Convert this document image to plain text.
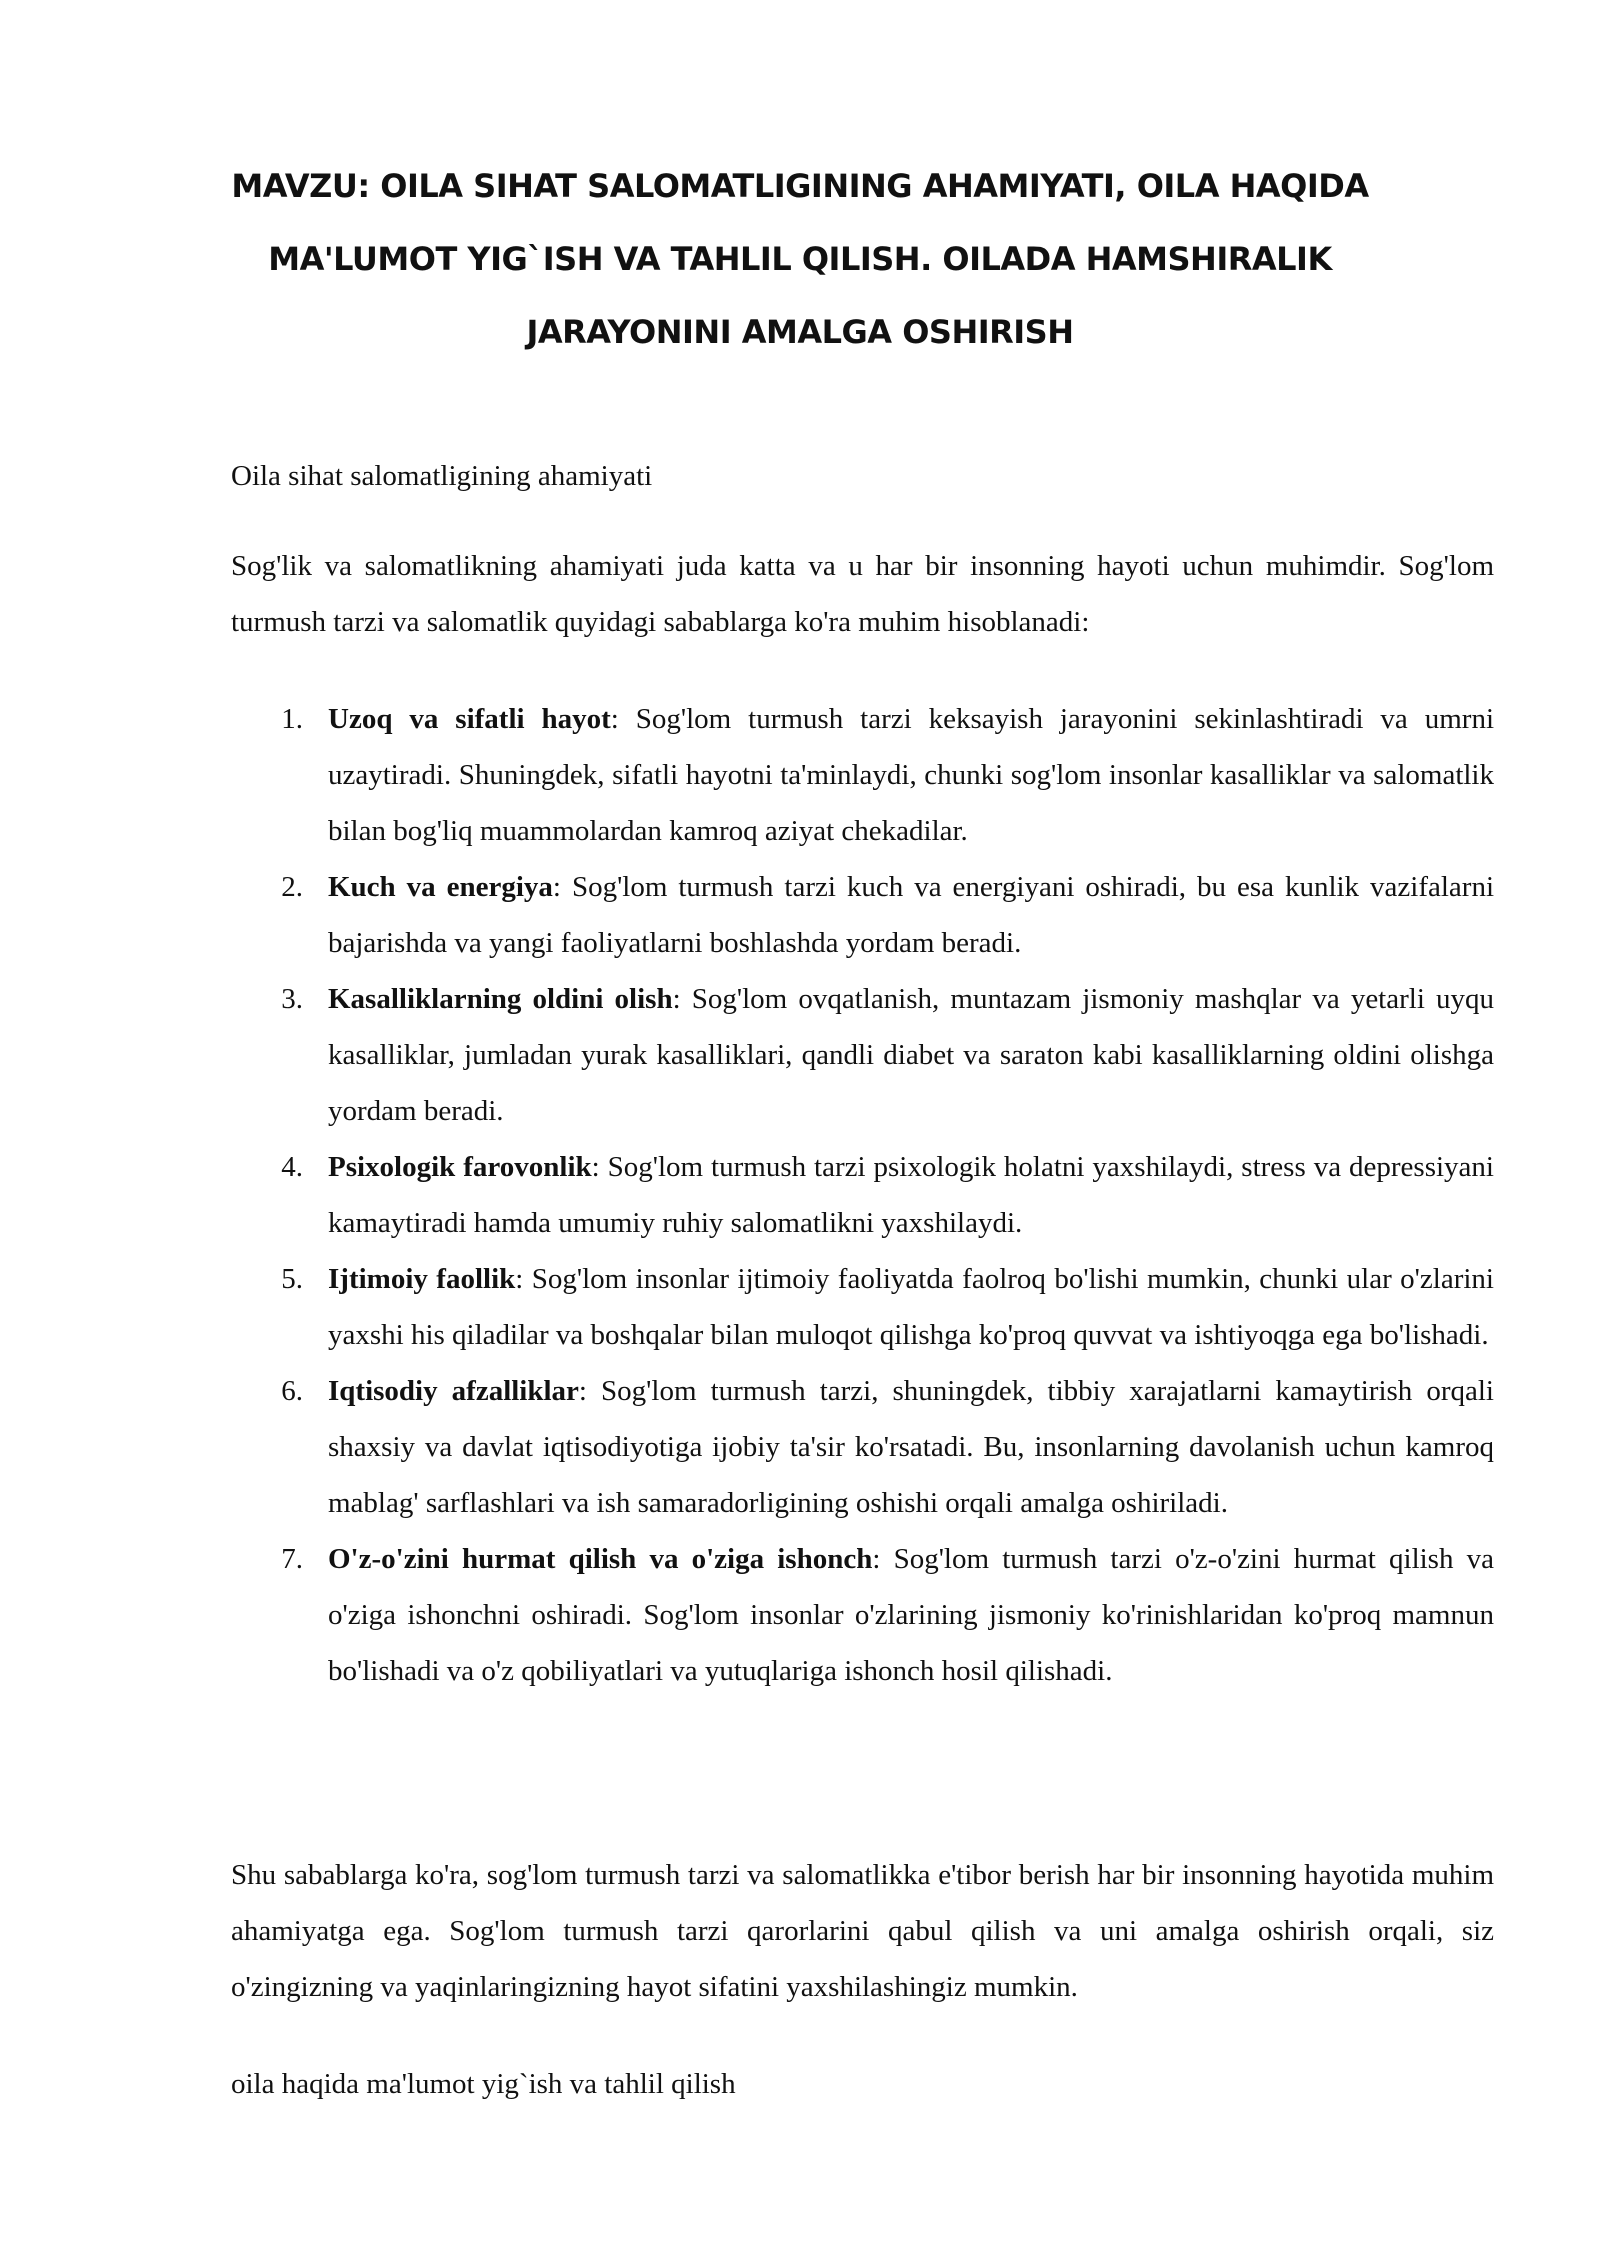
MAVZU: OILA SIHAT SALOMATLIGINING AHAMIYATI, OILA HAQIDA MA'LUMOT YIG`ISH VA TAHLIL QILISH. OILADA HAMSHIRALIK JARAYONINI AMALGA OSHIRISH

Oila sihat salomatligining ahamiyati

Sog'lik va salomatlikning ahamiyati juda katta va u har bir insonning hayoti uchun muhimdir. Sog'lom turmush tarzi va salomatlik quyidagi sabablarga ko'ra muhim hisoblanadi:

1. Uzoq va sifatli hayot: Sog'lom turmush tarzi keksayish jarayonini sekinlashtiradi va umrni uzaytiradi. Shuningdek, sifatli hayotni ta'minlaydi, chunki sog'lom insonlar kasalliklar va salomatlik bilan bog'liq muammolardan kamroq aziyat chekadilar.
2. Kuch va energiya: Sog'lom turmush tarzi kuch va energiyani oshiradi, bu esa kunlik vazifalarni bajarishda va yangi faoliyatlarni boshlashda yordam beradi.
3. Kasalliklarning oldini olish: Sog'lom ovqatlanish, muntazam jismoniy mashqlar va yetarli uyqu kasalliklar, jumladan yurak kasalliklari, qandli diabet va saraton kabi kasalliklarning oldini olishga yordam beradi.
4. Psixologik farovonlik: Sog'lom turmush tarzi psixologik holatni yaxshilaydi, stress va depressiyani kamaytiradi hamda umumiy ruhiy salomatlikni yaxshilaydi.
5. Ijtimoiy faollik: Sog'lom insonlar ijtimoiy faoliyatda faolroq bo'lishi mumkin, chunki ular o'zlarini yaxshi his qiladilar va boshqalar bilan muloqot qilishga ko'proq quvvat va ishtiyoqga ega bo'lishadi.
6. Iqtisodiy afzalliklar: Sog'lom turmush tarzi, shuningdek, tibbiy xarajatlarni kamaytirish orqali shaxsiy va davlat iqtisodiyotiga ijobiy ta'sir ko'rsatadi. Bu, insonlarning davolanish uchun kamroq mablag' sarflashlari va ish samaradorligining oshishi orqali amalga oshiriladi.
7. O'z-o'zini hurmat qilish va o'ziga ishonch: Sog'lom turmush tarzi o'z-o'zini hurmat qilish va o'ziga ishonchni oshiradi. Sog'lom insonlar o'zlarining jismoniy ko'rinishlaridan ko'proq mamnun bo'lishadi va o'z qobiliyatlari va yutuqlariga ishonch hosil qilishadi.

Shu sabablarga ko'ra, sog'lom turmush tarzi va salomatlikka e'tibor berish har bir insonning hayotida muhim ahamiyatga ega. Sog'lom turmush tarzi qarorlarini qabul qilish va uni amalga oshirish orqali, siz o'zingizning va yaqinlaringizning hayot sifatini yaxshilashingiz mumkin.

oila haqida ma'lumot yig`ish va tahlil qilish
